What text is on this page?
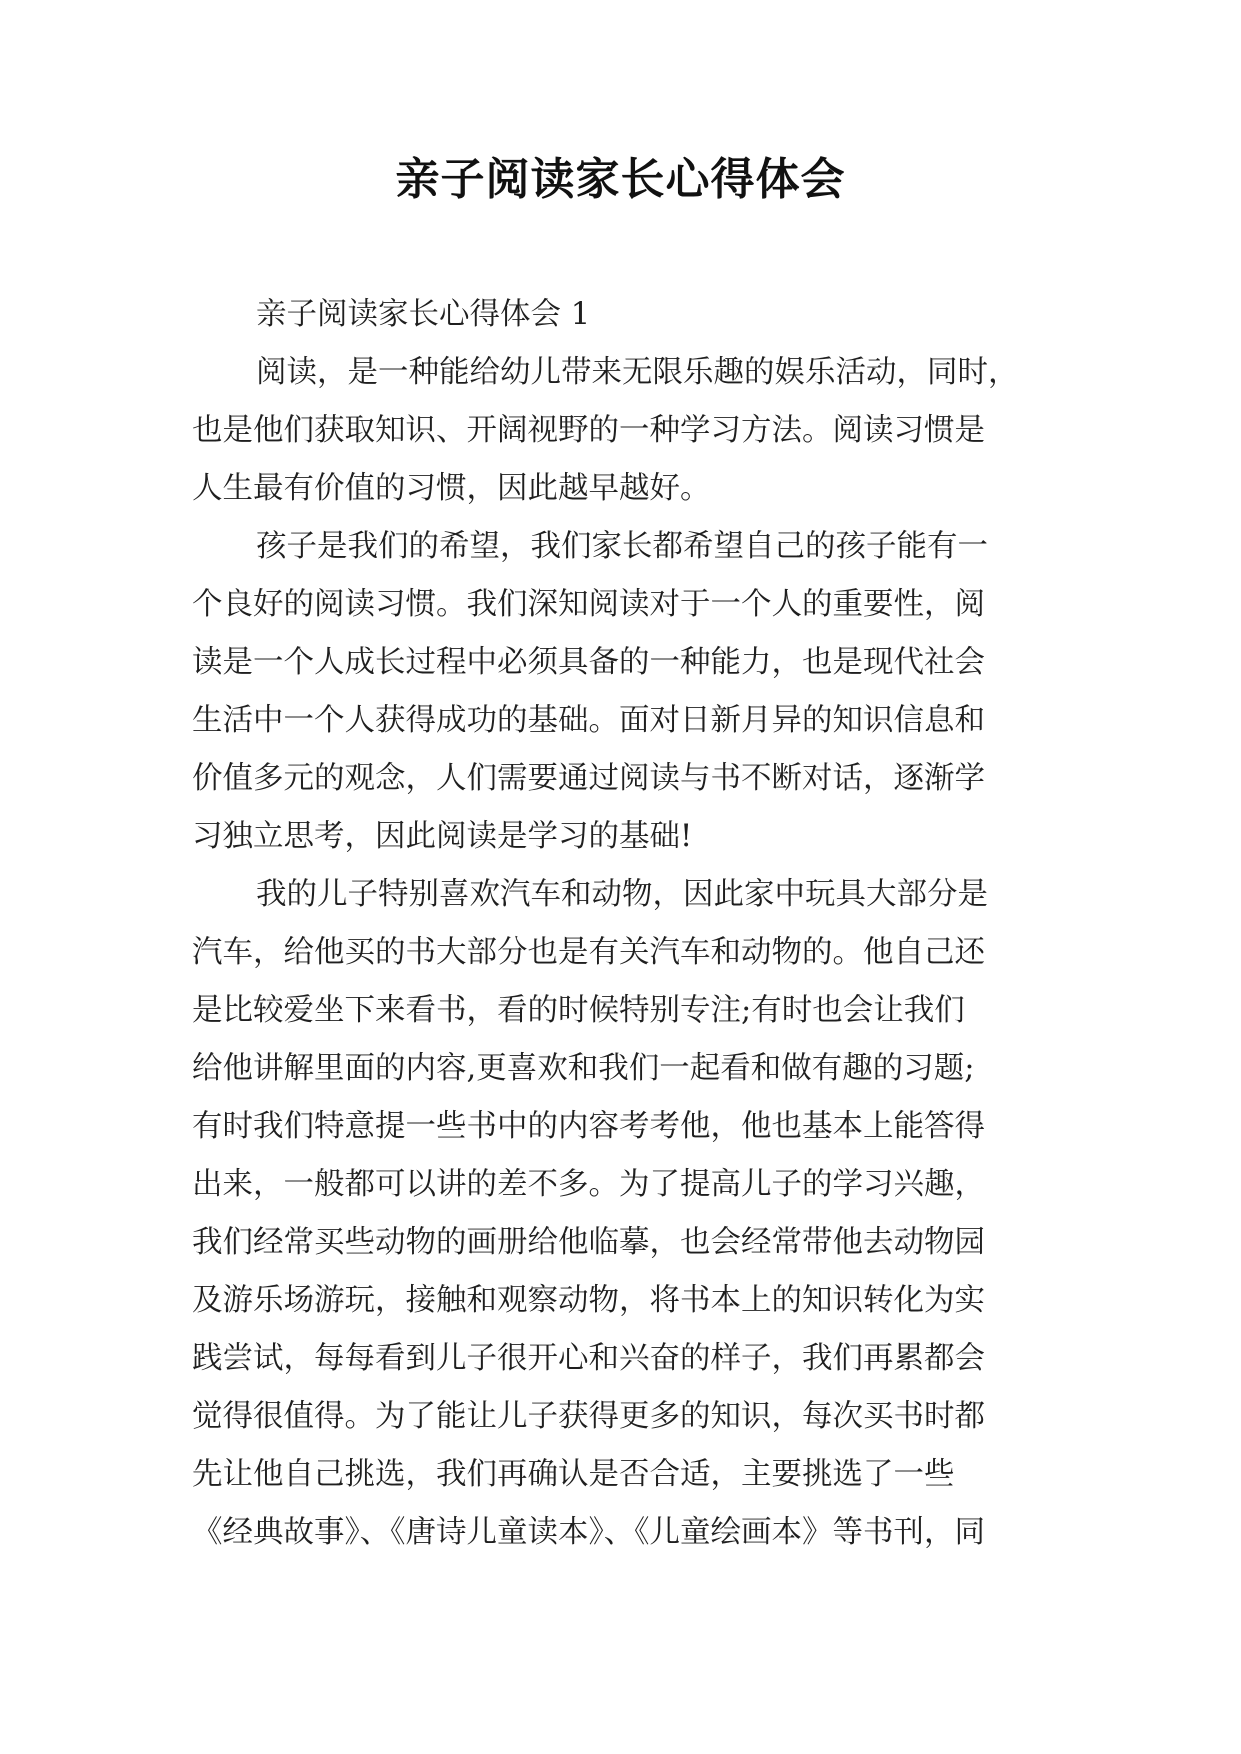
亲子阅读家长心得体会
亲子阅读家长心得体会 1
阅读，是一种能给幼儿带来无限乐趣的娱乐活动，同时，
也是他们获取知识、开阔视野的一种学习方法。阅读习惯是
人生最有价值的习惯，因此越早越好。
孩子是我们的希望，我们家长都希望自己的孩子能有一
个良好的阅读习惯。我们深知阅读对于一个人的重要性，阅
读是一个人成长过程中必须具备的一种能力，也是现代社会
生活中一个人获得成功的基础。面对日新月异的知识信息和
价值多元的观念，人们需要通过阅读与书不断对话，逐渐学
习独立思考，因此阅读是学习的基础!
我的儿子特别喜欢汽车和动物，因此家中玩具大部分是
汽车，给他买的书大部分也是有关汽车和动物的。他自己还
是比较爱坐下来看书，看的时候特别专注;有时也会让我们
给他讲解里面的内容,更喜欢和我们一起看和做有趣的习题;
有时我们特意提一些书中的内容考考他，他也基本上能答得
出来，一般都可以讲的差不多。为了提高儿子的学习兴趣，
我们经常买些动物的画册给他临摹，也会经常带他去动物园
及游乐场游玩，接触和观察动物，将书本上的知识转化为实
践尝试，每每看到儿子很开心和兴奋的样子，我们再累都会
觉得很值得。为了能让儿子获得更多的知识，每次买书时都
先让他自己挑选，我们再确认是否合适，主要挑选了一些
《经典故事》、《唐诗儿童读本》、《儿童绘画本》等书刊，同
